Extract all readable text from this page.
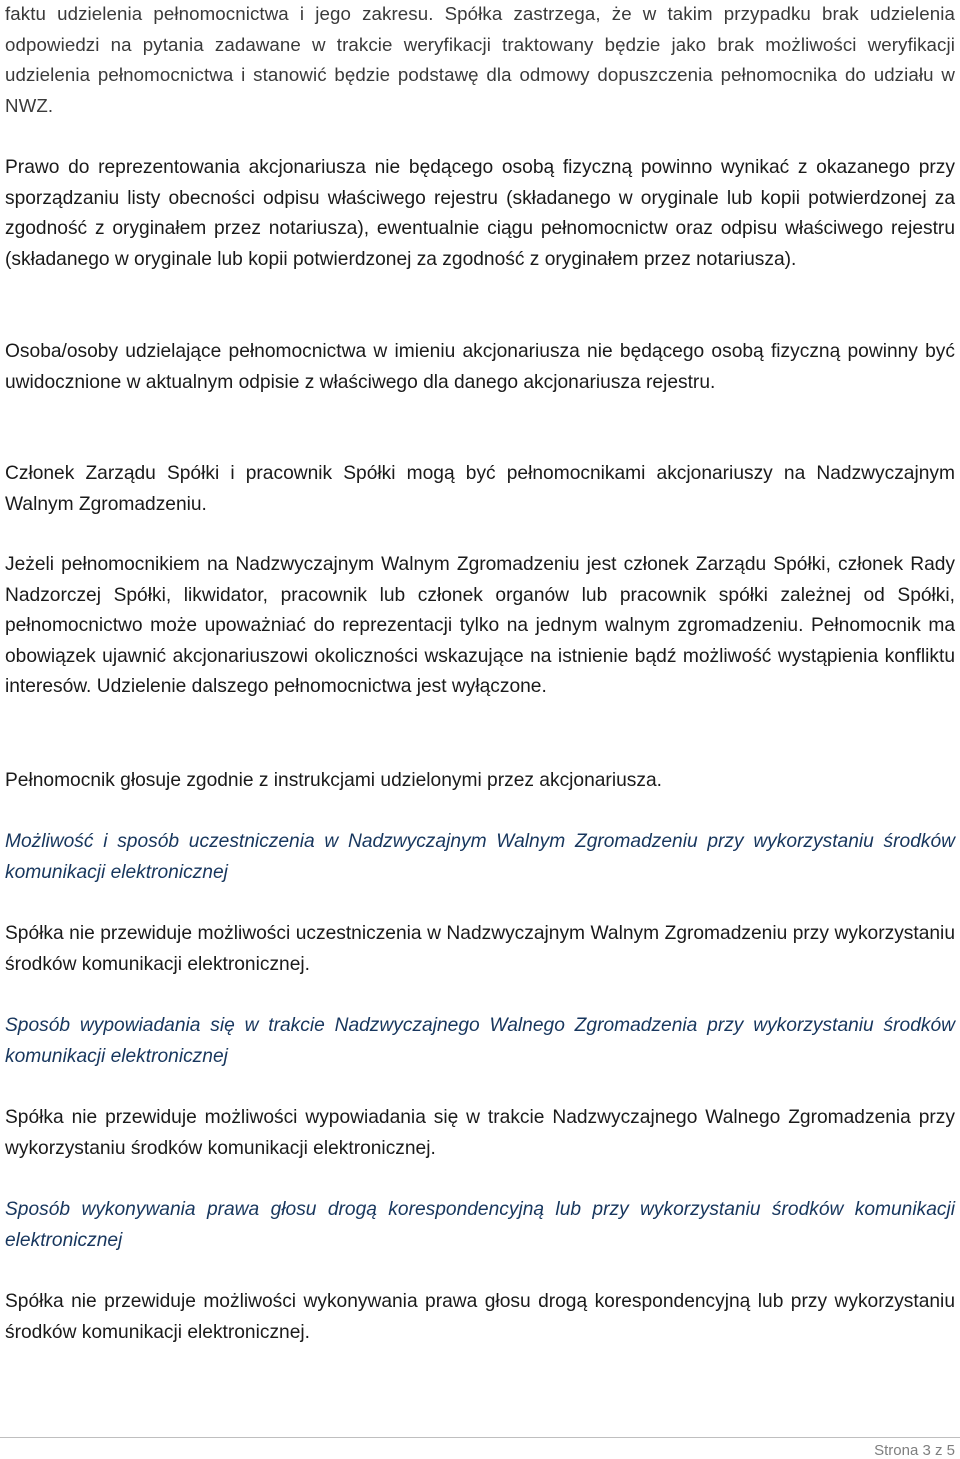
faktu udzielenia pełnomocnictwa i jego zakresu. Spółka zastrzega, że w takim przypadku brak udzielenia odpowiedzi na pytania zadawane w trakcie weryfikacji traktowany będzie jako brak możliwości weryfikacji udzielenia pełnomocnictwa i stanowić będzie podstawę dla odmowy dopuszczenia pełnomocnika do udziału w NWZ.

Prawo do reprezentowania akcjonariusza nie będącego osobą fizyczną powinno wynikać z okazanego przy sporządzaniu listy obecności odpisu właściwego rejestru (składanego w oryginale lub kopii potwierdzonej za zgodność z oryginałem przez notariusza), ewentualnie ciągu pełnomocnictw oraz odpisu właściwego rejestru (składanego w oryginale lub kopii potwierdzonej za zgodność z oryginałem przez notariusza).

Osoba/osoby udzielające pełnomocnictwa w imieniu akcjonariusza nie będącego osobą fizyczną powinny być uwidocznione w aktualnym odpisie z właściwego dla danego akcjonariusza rejestru.

Członek Zarządu Spółki i pracownik Spółki mogą być pełnomocnikami akcjonariuszy na Nadzwyczajnym Walnym Zgromadzeniu.

Jeżeli pełnomocnikiem na Nadzwyczajnym Walnym Zgromadzeniu jest członek Zarządu Spółki, członek Rady Nadzorczej Spółki, likwidator, pracownik lub członek organów lub pracownik spółki zależnej od Spółki, pełnomocnictwo może upoważniać do reprezentacji tylko na jednym walnym zgromadzeniu. Pełnomocnik ma obowiązek ujawnić akcjonariuszowi okoliczności wskazujące na istnienie bądź możliwość wystąpienia konfliktu interesów. Udzielenie dalszego pełnomocnictwa jest wyłączone.

Pełnomocnik głosuje zgodnie z instrukcjami udzielonymi przez akcjonariusza.

Możliwość i sposób uczestniczenia w Nadzwyczajnym Walnym Zgromadzeniu przy wykorzystaniu środków komunikacji elektronicznej

Spółka nie przewiduje możliwości uczestniczenia w Nadzwyczajnym Walnym Zgromadzeniu przy wykorzystaniu środków komunikacji elektronicznej.

Sposób wypowiadania się w trakcie Nadzwyczajnego Walnego Zgromadzenia przy wykorzystaniu środków komunikacji elektronicznej

Spółka nie przewiduje możliwości wypowiadania się w trakcie Nadzwyczajnego Walnego Zgromadzenia przy wykorzystaniu środków komunikacji elektronicznej.

Sposób wykonywania prawa głosu drogą korespondencyjną lub przy wykorzystaniu środków komunikacji elektronicznej

Spółka nie przewiduje możliwości wykonywania prawa głosu drogą korespondencyjną lub przy wykorzystaniu środków komunikacji elektronicznej.

Strona 3 z 5
